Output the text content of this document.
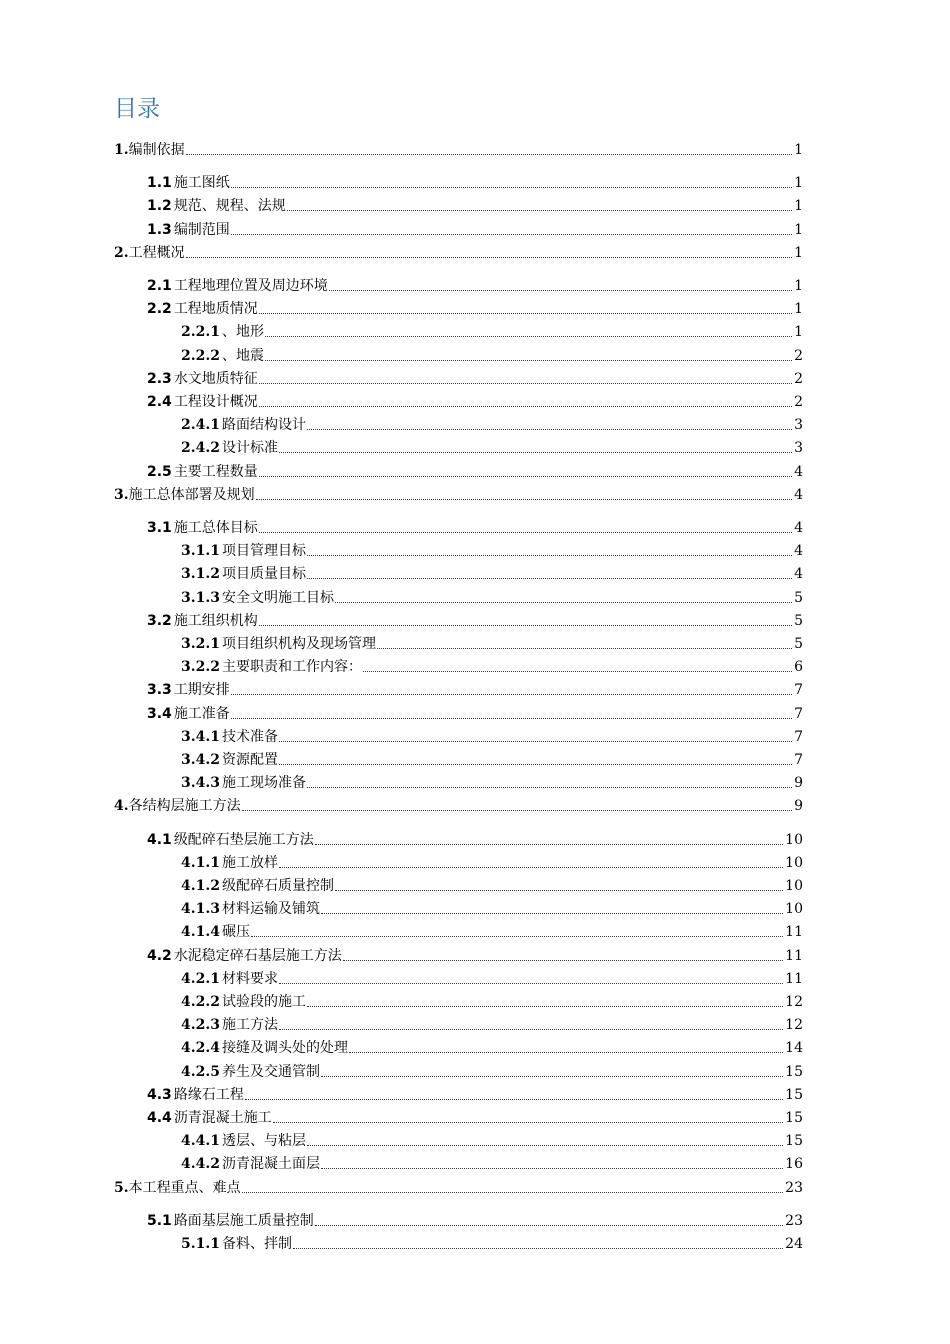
目录
1. 编制依据	1
1.1 施工图纸	1
1.2 规范、规程、法规	1
1.3 编制范围	1
2. 工程概况	1
2.1 工程地理位置及周边环境	1
2.2 工程地质情况	1
2.2.1 、地形	1
2.2.2 、地震	2
2.3 水文地质特征	2
2.4 工程设计概况	2
2.4.1 路面结构设计	3
2.4.2 设计标准	3
2.5 主要工程数量	4
3. 施工总体部署及规划	4
3.1 施工总体目标	4
3.1.1 项目管理目标	4
3.1.2 项目质量目标	4
3.1.3 安全文明施工目标	5
3.2 施工组织机构	5
3.2.1 项目组织机构及现场管理	5
3.2.2 主要职责和工作内容：	6
3.3 工期安排	7
3.4 施工准备	7
3.4.1 技术准备	7
3.4.2 资源配置	7
3.4.3 施工现场准备	9
4. 各结构层施工方法	9
4.1 级配碎石垫层施工方法	10
4.1.1 施工放样	10
4.1.2 级配碎石质量控制	10
4.1.3 材料运输及铺筑	10
4.1.4 碾压	11
4.2 水泥稳定碎石基层施工方法	11
4.2.1 材料要求	11
4.2.2 试验段的施工	12
4.2.3 施工方法	12
4.2.4 接缝及调头处的处理	14
4.2.5 养生及交通管制	15
4.3 路缘石工程	15
4.4 沥青混凝土施工	15
4.4.1 透层、与粘层	15
4.4.2 沥青混凝土面层	16
5. 本工程重点、难点	23
5.1 路面基层施工质量控制	23
5.1.1 备料、拌制	24
